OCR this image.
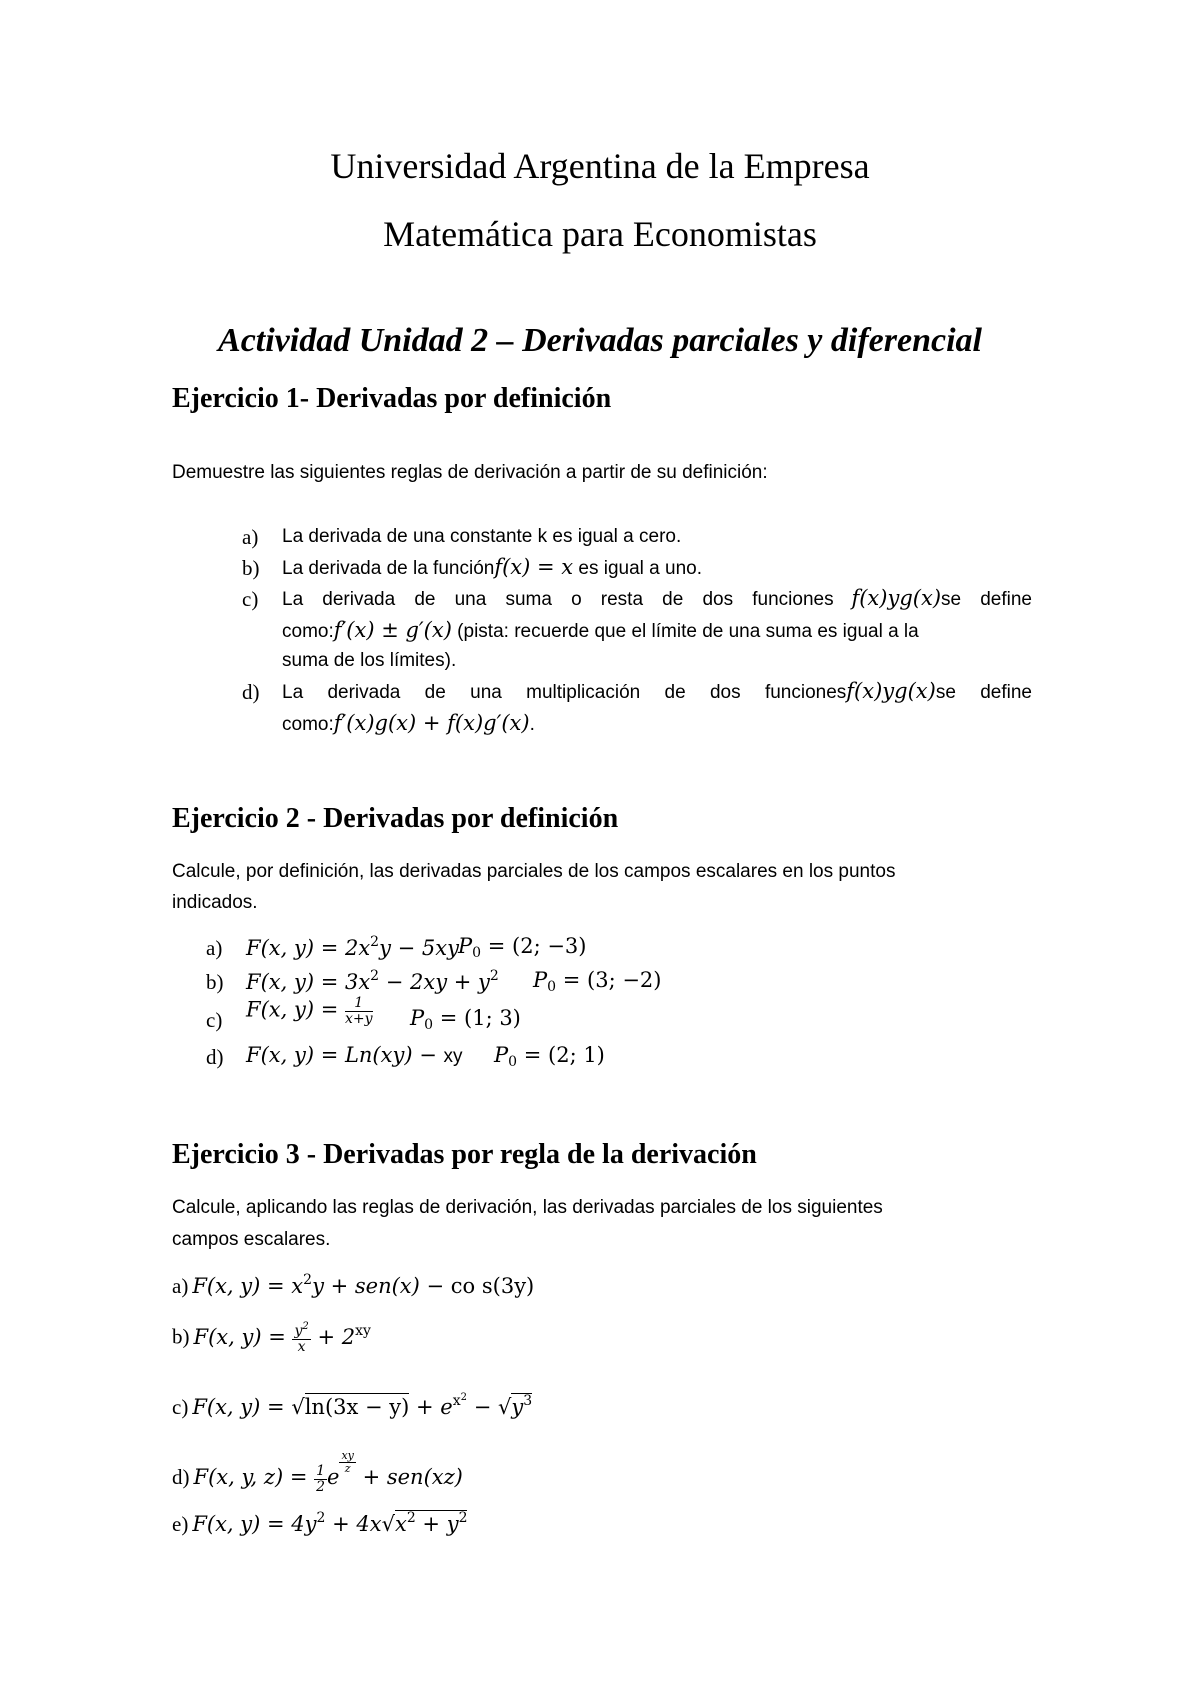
Universidad Argentina de la Empresa
Matemática para Economistas
Actividad Unidad 2 – Derivadas parciales y diferencial
Ejercicio 1- Derivadas por definición
Demuestre las siguientes reglas de derivación a partir de su definición:
a) La derivada de una constante k es igual a cero.
b) La derivada de la funciónf(x) = x es igual a uno.
c) La derivada de una suma o resta de dos funciones f(x)yg(x)se define
como:f′(x) ± g′(x) (pista: recuerde que el límite de una suma es igual a la
suma de los límites).
d) La derivada de una multiplicación de dos funcionesf(x)yg(x)se define
como:f′(x)g(x) + f(x)g′(x).
Ejercicio 2 - Derivadas por definición
Calcule, por definición, las derivadas parciales de los campos escalares en los puntos
indicados.
a) F(x, $y) = 2x^2y - 5xy$ $P_0 = (2$; −3)
b) F(x, $y) = 3x^2 - 2xy + y^2$ $P_0 = (3$; −2)
c) F(x, $y) = \frac{1}{x+y} P_0 = (1$; 3)
d) F(x, y) = Ln(xy) − xy $P_0 = (2$; 1)
Ejercicio 3 - Derivadas por regla de la derivación
Calcule, aplicando las reglas de derivación, las derivadas parciales de los siguientes
campos escalares.
a) F(x, $y) = x^2y + sen(x)$ − co s(3y)
b) F(x, $y) = \frac{y^2}{x} + 2^{xy}$
c) F(x, $y) = √\ln(3x - y) + e^{x^2} - √y^3$
d) F(x, y, $z) = \frac{1}{2}$ e
$\frac{xy}{z}$
+ sen(xz)
e) F(x, $y) = 4y^2 + 4x√x^2 + y^2$
